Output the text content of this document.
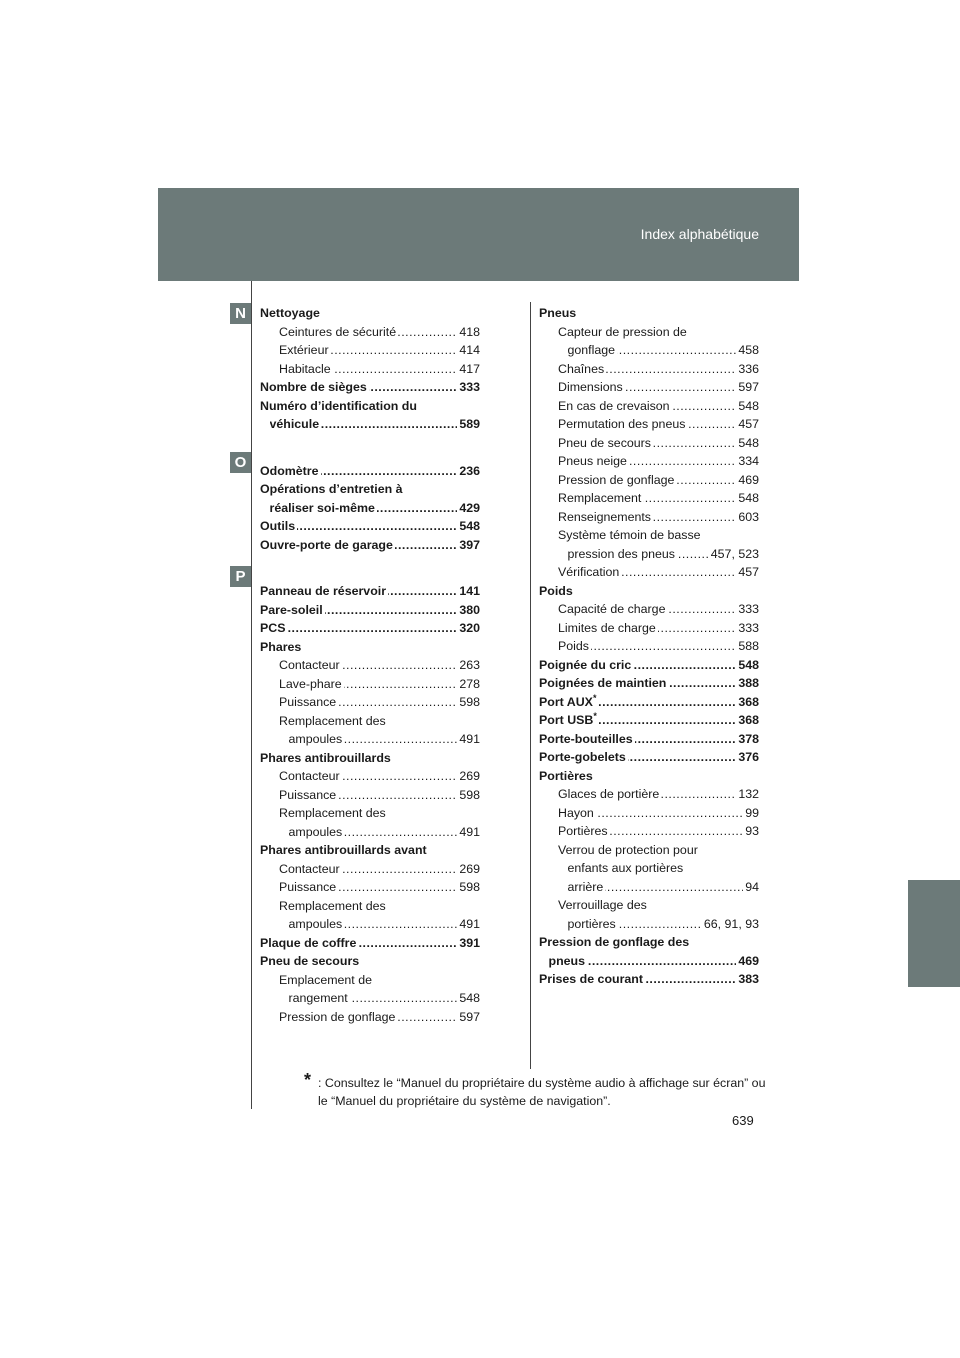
Index alphabétique
N
O
P
Nettoyage
.....
Ceintures de sécurité	418
.....
Extérieur	414
.....
Habitacle	417
.....
Nombre de sièges	333
Numéro d’identification du
.....
véhicule	589
.....
Odomètre	236
Opérations d’entretien à
.....
réaliser soi-même	429
.....
Outils	548
.....
Ouvre-porte de garage	397
.....
Panneau de réservoir	141
.....
Pare-soleil	380
.....
PCS	320
Phares
.....
Contacteur	263
.....
Lave-phare	278
.....
Puissance	598
Remplacement des
.....
ampoules	491
Phares antibrouillards
.....
Contacteur	269
.....
Puissance	598
Remplacement des
.....
ampoules	491
Phares antibrouillards avant
.....
Contacteur	269
.....
Puissance	598
Remplacement des
.....
ampoules	491
.....
Plaque de coffre	391
Pneu de secours
Emplacement de
.....
rangement	548
.....
Pression de gonflage	597
Pneus
Capteur de pression de
.....
gonflage	458
.....
Chaînes	336
.....
Dimensions	597
.....
En cas de crevaison	548
.....
Permutation des pneus	457
.....
Pneu de secours	548
.....
Pneus neige	334
.....
Pression de gonflage	469
.....
Remplacement	548
.....
Renseignements	603
Système témoin de basse
.....
pression des pneus	457, 523
.....
Vérification	457
Poids
.....
Capacité de charge	333
.....
Limites de charge	333
.....
Poids	588
.....
Poignée du cric	548
.....
Poignées de maintien	388
.....
Port AUX*	368
.....
Port USB*	368
.....
Porte-bouteilles	378
.....
Porte-gobelets	376
Portières
.....
Glaces de portière	132
.....
Hayon	99
.....
Portières	93
Verrou de protection pour
enfants aux portières
.....
arrière	94
Verrouillage des
.....
portières	66, 91, 93
Pression de gonflage des
.....
pneus	469
.....
Prises de courant	383
* : Consultez le “Manuel du propriétaire du système audio à affichage sur écran” ou le “Manuel du propriétaire du système de navigation”.
639
